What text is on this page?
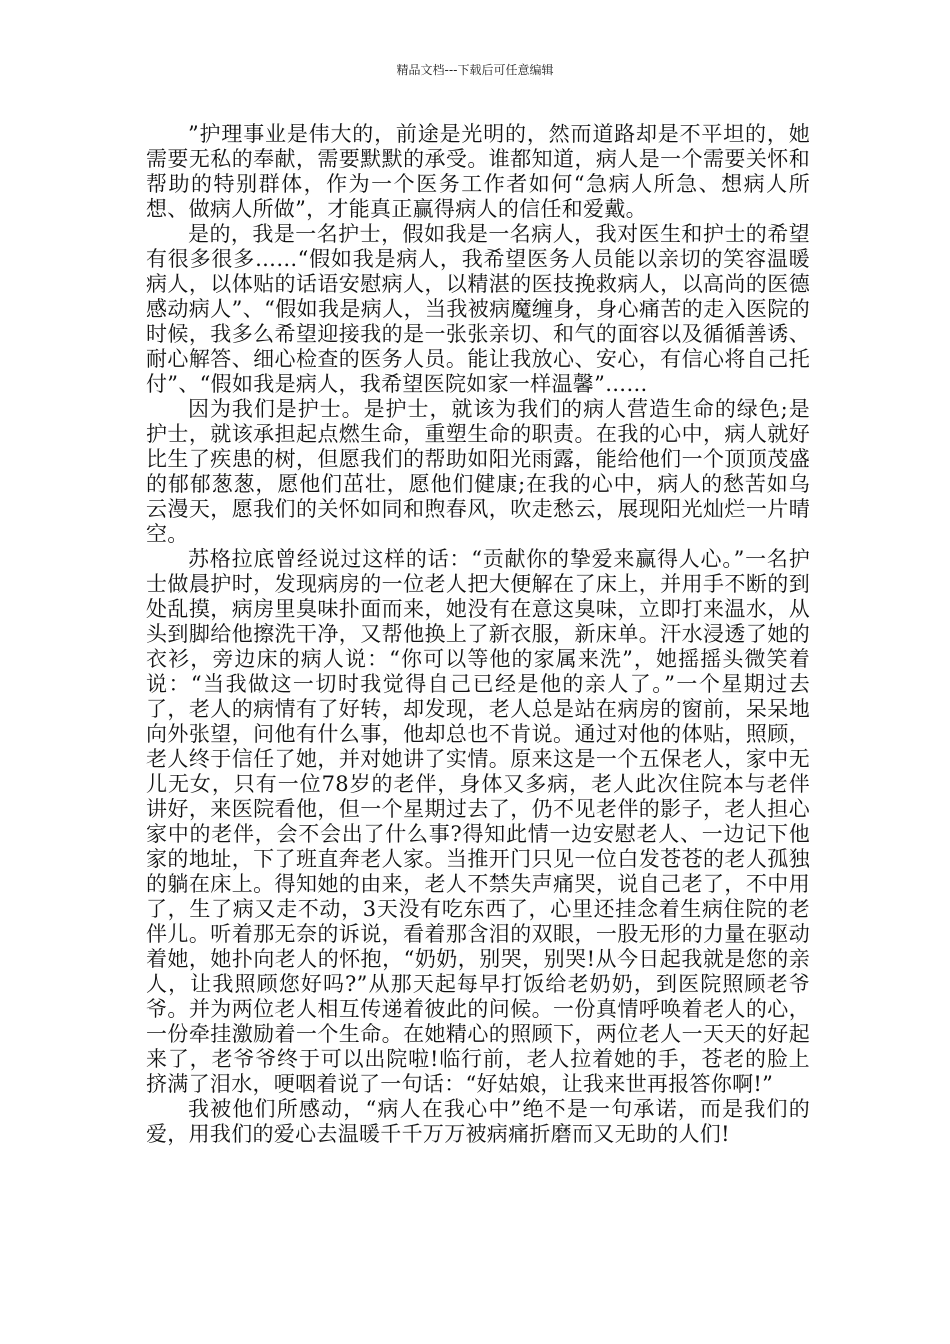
精品文档---下载后可任意编辑

”护理事业是伟大的，前途是光明的，然而道路却是不平坦的，她需要无私的奉献，需要默默的承受。谁都知道，病人是一个需要关怀和帮助的特别群体，作为一个医务工作者如何“急病人所急、想病人所想、做病人所做”，才能真正赢得病人的信任和爱戴。

是的，我是一名护士，假如我是一名病人，我对医生和护士的希望有很多很多……“假如我是病人，我希望医务人员能以亲切的笑容温暖病人，以体贴的话语安慰病人，以精湛的医技挽救病人，以高尚的医德感动病人”、“假如我是病人，当我被病魔缠身，身心痛苦的走入医院的时候，我多么希望迎接我的是一张张亲切、和气的面容以及循循善诱、耐心解答、细心检查的医务人员。能让我放心、安心，有信心将自己托付”、“假如我是病人，我希望医院如家一样温馨”……

因为我们是护士。是护士，就该为我们的病人营造生命的绿色;是护士，就该承担起点燃生命，重塑生命的职责。在我的心中，病人就好比生了疾患的树，但愿我们的帮助如阳光雨露，能给他们一个顶顶茂盛的郁郁葱葱，愿他们茁壮，愿他们健康;在我的心中，病人的愁苦如乌云漫天，愿我们的关怀如同和煦春风，吹走愁云，展现阳光灿烂一片晴空。

苏格拉底曾经说过这样的话：“贡献你的挚爱来赢得人心。”一名护士做晨护时，发现病房的一位老人把大便解在了床上，并用手不断的到处乱摸，病房里臭味扑面而来，她没有在意这臭味，立即打来温水，从头到脚给他擦洗干净，又帮他换上了新衣服，新床单。汗水浸透了她的衣衫，旁边床的病人说：“你可以等他的家属来洗”，她摇摇头微笑着说：“当我做这一切时我觉得自己已经是他的亲人了。”一个星期过去了，老人的病情有了好转，却发现，老人总是站在病房的窗前，呆呆地向外张望，问他有什么事，他却总也不肯说。通过对他的体贴，照顾，老人终于信任了她，并对她讲了实情。原来这是一个五保老人，家中无儿无女，只有一位78岁的老伴，身体又多病，老人此次住院本与老伴讲好，来医院看他，但一个星期过去了，仍不见老伴的影子，老人担心家中的老伴，会不会出了什么事?得知此情一边安慰老人、一边记下他家的地址，下了班直奔老人家。当推开门只见一位白发苍苍的老人孤独的躺在床上。得知她的由来，老人不禁失声痛哭，说自己老了，不中用了，生了病又走不动，3天没有吃东西了，心里还挂念着生病住院的老伴儿。听着那无奈的诉说，看着那含泪的双眼，一股无形的力量在驱动着她，她扑向老人的怀抱，“奶奶，别哭，别哭!从今日起我就是您的亲人，让我照顾您好吗?”从那天起每早打饭给老奶奶，到医院照顾老爷爷。并为两位老人相互传递着彼此的问候。一份真情呼唤着老人的心，一份牵挂激励着一个生命。在她精心的照顾下，两位老人一天天的好起来了，老爷爷终于可以出院啦!临行前，老人拉着她的手，苍老的脸上挤满了泪水，哽咽着说了一句话：“好姑娘，让我来世再报答你啊!”

我被他们所感动，“病人在我心中”绝不是一句承诺，而是我们的爱，用我们的爱心去温暖千千万万被病痛折磨而又无助的人们!
